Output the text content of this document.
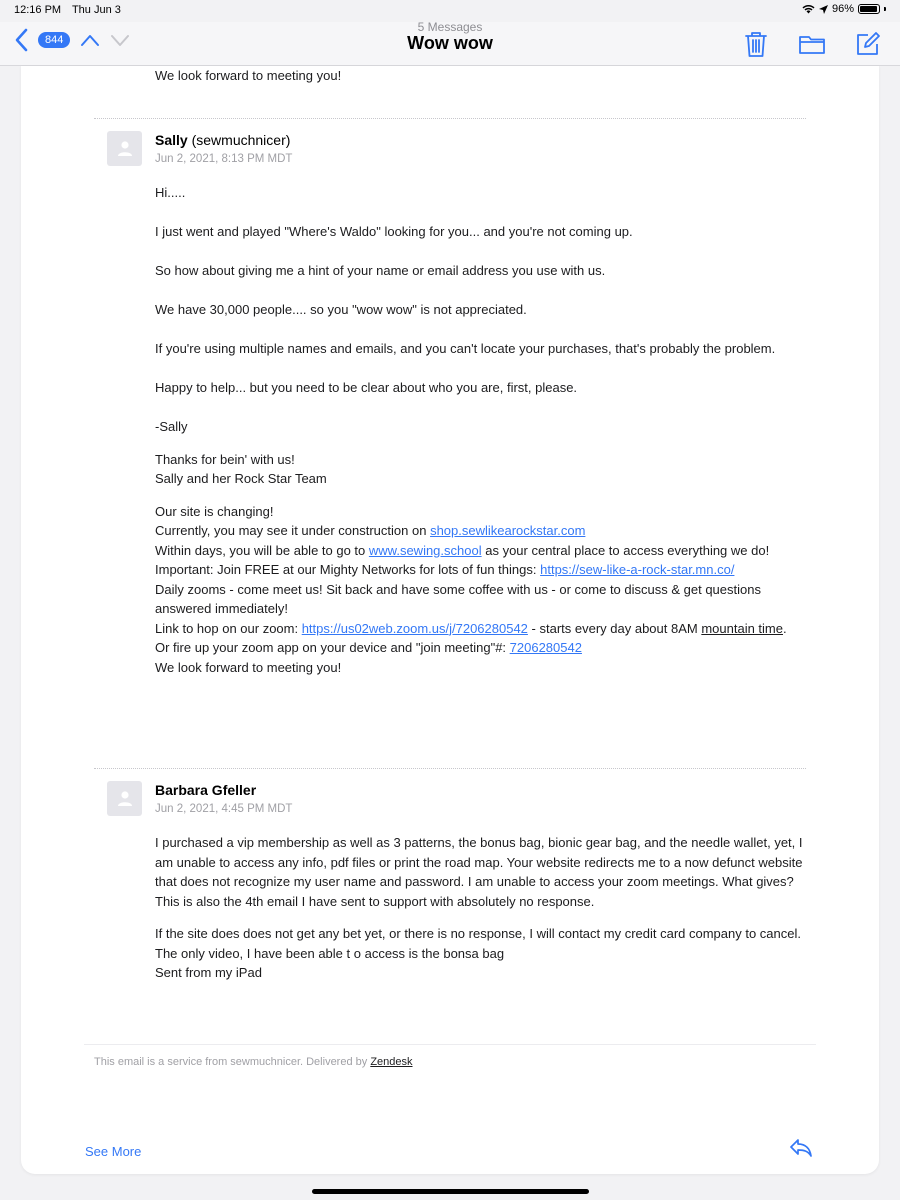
12:16 PM Thu Jun 3	96%
844
5 Messages
Wow wow
We look forward to meeting you!
Sally (sewmuchnicer)
Jun 2, 2021, 8:13 PM MDT

Hi.....

I just went and played "Where's Waldo" looking for you... and you're not coming up.

So how about giving me a hint of your name or email address you use with us.

We have 30,000 people.... so you "wow wow" is not appreciated.

If you're using multiple names and emails, and you can't locate your purchases, that's probably the problem.

Happy to help... but you need to be clear about who you are, first, please.

-Sally

Thanks for bein' with us!

Sally and her Rock Star Team

Our site is changing!

Currently, you may see it under construction on shop.sewlikearockstar.com

Within days, you will be able to go to www.sewing.school as your central place to access everything we do!

Important: Join FREE at our Mighty Networks for lots of fun things: https://sew-like-a-rock-star.mn.co/

Daily zooms - come meet us! Sit back and have some coffee with us - or come to discuss & get questions answered immediately!

Link to hop on our zoom: https://us02web.zoom.us/j/7206280542 - starts every day about 8AM mountain time.

Or fire up your zoom app on your device and "join meeting"#: 7206280542

We look forward to meeting you!

Barbara Gfeller
Jun 2, 2021, 4:45 PM MDT

I purchased a vip membership as well as 3 patterns, the bonus bag, bionic gear bag, and the needle wallet, yet, I am unable to access any info, pdf files or print the road map. Your website redirects me to a now defunct website that does not recognize my user name and password. I am unable to access your zoom meetings. What gives? This is also the 4th email I have sent to support with absolutely no response.

If the site does does not get any bet yet, or there is no response, I will contact my credit card company to cancel. The only video, I have been able t o access is the bonsa bag

Sent from my iPad

This email is a service from sewmuchnicer. Delivered by Zendesk
See More
